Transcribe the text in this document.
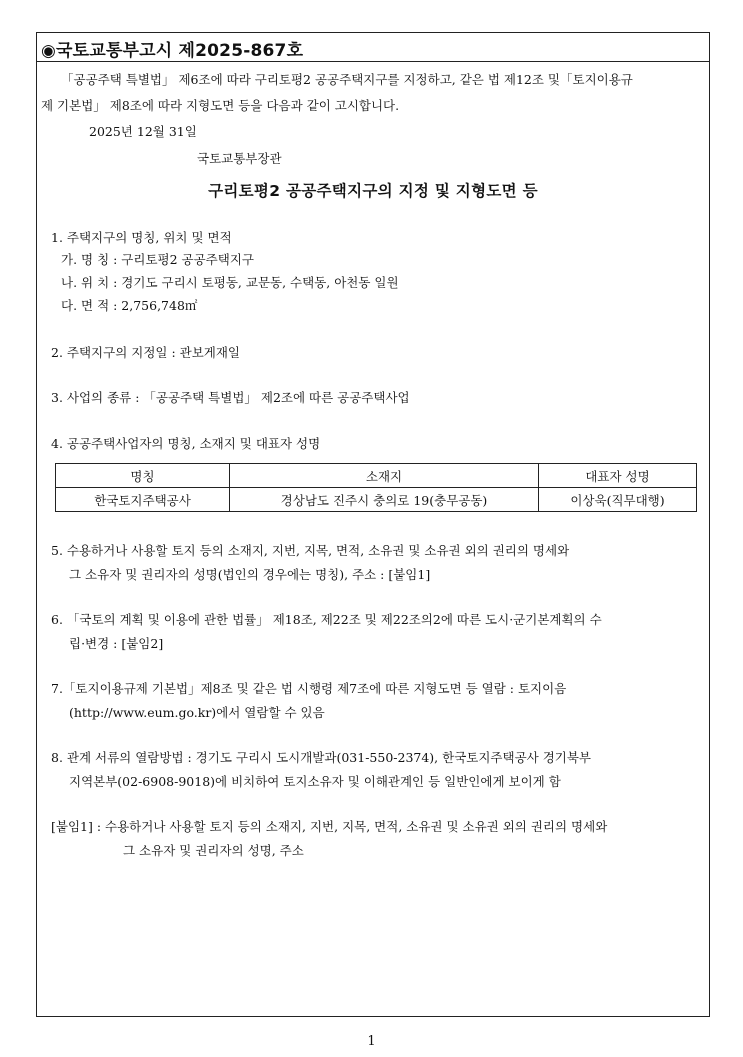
◉국토교통부고시 제2025-867호
「공공주택 특별법」 제6조에 따라 구리토평2 공공주택지구를 지정하고, 같은 법 제12조 및「토지이용규
제 기본법」 제8조에 따라 지형도면 등을 다음과 같이 고시합니다.
2025년 12월 31일
국토교통부장관
구리토평2 공공주택지구의 지정 및 지형도면 등
1. 주택지구의 명칭, 위치 및 면적
가. 명 칭 : 구리토평2 공공주택지구
나. 위 치 : 경기도 구리시 토평동, 교문동, 수택동, 아천동 일원
다. 면 적 : 2,756,748㎡
2. 주택지구의 지정일 : 관보게재일
3. 사업의 종류 : 「공공주택 특별법」 제2조에 따른 공공주택사업
4. 공공주택사업자의 명칭, 소재지 및 대표자 성명
명칭	소재지	대표자 성명
한국토지주택공사	경상남도 진주시 충의로 19(충무공동)	이상욱(직무대행)
5. 수용하거나 사용할 토지 등의 소재지, 지번, 지목, 면적, 소유권 및 소유권 외의 권리의 명세와
그 소유자 및 권리자의 성명(법인의 경우에는 명칭), 주소 : [붙임1]
6. 「국토의 계획 및 이용에 관한 법률」 제18조, 제22조 및 제22조의2에 따른 도시·군기본계획의 수
립·변경 : [붙임2]
7.「토지이용규제 기본법」제8조 및 같은 법 시행령 제7조에 따른 지형도면 등 열람 : 토지이음
(http://www.eum.go.kr)에서 열람할 수 있음
8. 관계 서류의 열람방법 : 경기도 구리시 도시개발과(031-550-2374), 한국토지주택공사 경기북부
지역본부(02-6908-9018)에 비치하여 토지소유자 및 이해관계인 등 일반인에게 보이게 함
[붙임1] : 수용하거나 사용할 토지 등의 소재지, 지번, 지목, 면적, 소유권 및 소유권 외의 권리의 명세와
그 소유자 및 권리자의 성명, 주소
1
